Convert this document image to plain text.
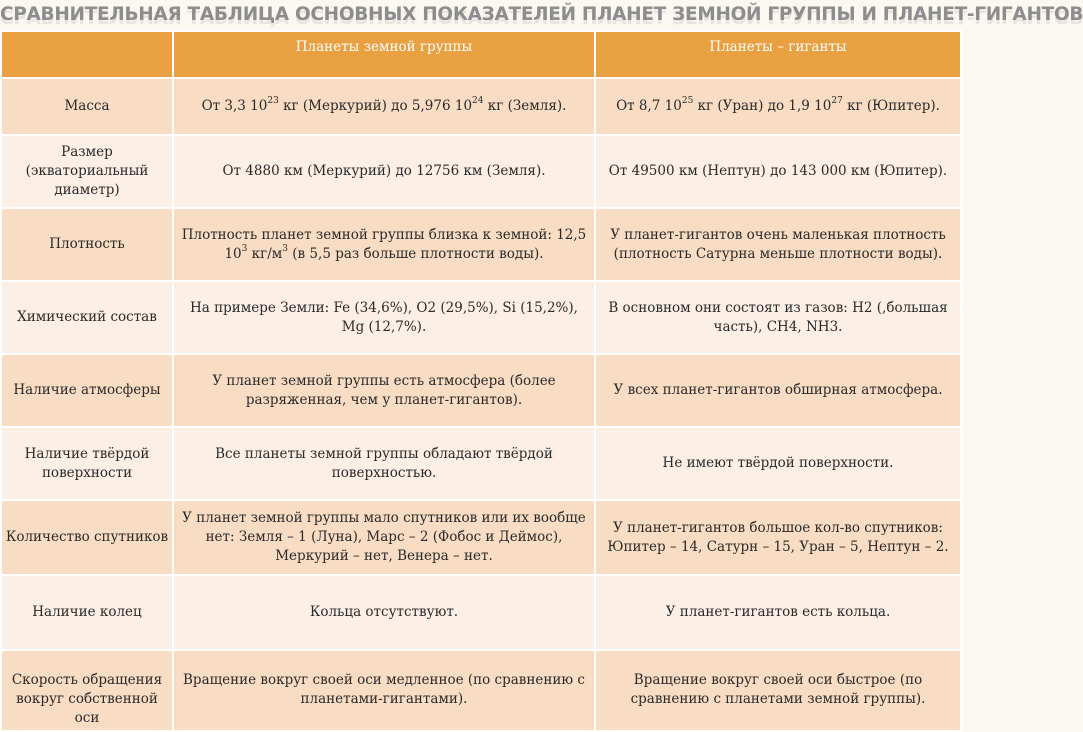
СРАВНИТЕЛЬНАЯ ТАБЛИЦА ОСНОВНЫХ ПОКАЗАТЕЛЕЙ ПЛАНЕТ ЗЕМНОЙ ГРУППЫ И ПЛАНЕТ-ГИГАНТОВ
	Планеты земной группы	Планеты – гиганты
Масса	От 3,3 $10^{23}$ кг (Меркурий) до 5,976 $10^{24}$ кг (Земля).	От 8,7 $10^{25}$ кг (Уран) до 1,9 $10^{27}$ кг (Юпитер).
Размер (экваториальный диаметр)	От 4880 км (Меркурий) до 12756 км (Земля).	От 49500 км (Нептун) до 143 000 км (Юпитер).
Плотность	Плотность планет земной группы близка к земной: 12,5 $10^3$ $кг/м^3$ (в 5,5 раз больше плотности воды).	У планет-гигантов очень маленькая плотность (плотность Сатурна меньше плотности воды).
Химический состав	На примере Земли: Fe (34,6%), O2 (29,5%), Si (15,2%), Mg (12,7%).	В основном они состоят из газов: H2 (,большая часть), CH4, NH3.
Наличие атмосферы	У планет земной группы есть атмосфера (более разряженная, чем у планет-гигантов).	У всех планет-гигантов обширная атмосфера.
Наличие твёрдой поверхности	Все планеты земной группы обладают твёрдой поверхностью.	Не имеют твёрдой поверхности.
Количество спутников	У планет земной группы мало спутников или их вообще нет: Земля – 1 (Луна), Марс – 2 (Фобос и Деймос), Меркурий – нет, Венера – нет.	У планет-гигантов большое кол-во спутников: Юпитер – 14, Сатурн – 15, Уран – 5, Нептун – 2.
Наличие колец	Кольца отсутствуют.	У планет-гигантов есть кольца.
Скорость обращения вокруг собственной оси	Вращение вокруг своей оси медленное (по сравнению с планетами-гигантами).	Вращение вокруг своей оси быстрое (по сравнению с планетами земной группы).
